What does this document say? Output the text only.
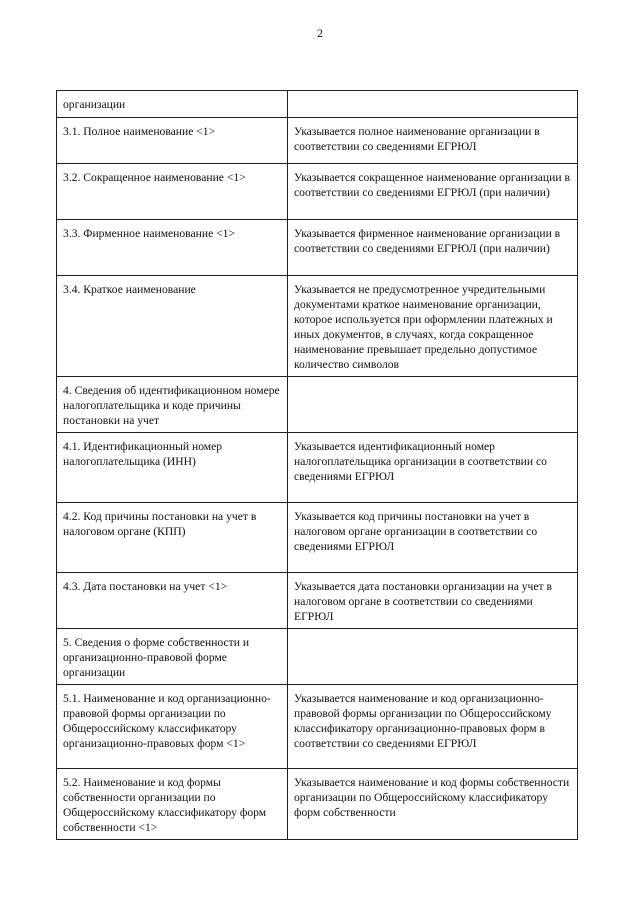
2
организации	
3.1. Полное наименование <1>	Указывается полное наименование организации в соответствии со сведениями ЕГРЮЛ
3.2. Сокращенное наименование <1>	Указывается сокращенное наименование организации в соответствии со сведениями ЕГРЮЛ (при наличии)
3.3. Фирменное наименование <1>	Указывается фирменное наименование организации в соответствии со сведениями ЕГРЮЛ (при наличии)
3.4. Краткое наименование	Указывается не предусмотренное учредительными документами краткое наименование организации, которое используется при оформлении платежных и иных документов, в случаях, когда сокращенное наименование превышает предельно допустимое количество символов
4. Сведения об идентификационном номере налогоплательщика и коде причины постановки на учет	
4.1. Идентификационный номер налогоплательщика (ИНН)	Указывается идентификационный номер налогоплательщика организации в соответствии со сведениями ЕГРЮЛ
4.2. Код причины постановки на учет в налоговом органе (КПП)	Указывается код причины постановки на учет в налоговом органе организации в соответствии со сведениями ЕГРЮЛ
4.3. Дата постановки на учет <1>	Указывается дата постановки организации на учет в налоговом органе в соответствии со сведениями ЕГРЮЛ
5. Сведения о форме собственности и организационно-правовой форме организации	
5.1. Наименование и код организационно-правовой формы организации по Общероссийскому классификатору организационно-правовых форм <1>	Указывается наименование и код организационно-правовой формы организации по Общероссийскому классификатору организационно-правовых форм в соответствии со сведениями ЕГРЮЛ
5.2. Наименование и код формы собственности организации по Общероссийскому классификатору форм собственности <1>	Указывается наименование и код формы собственности организации по Общероссийскому классификатору форм собственности
